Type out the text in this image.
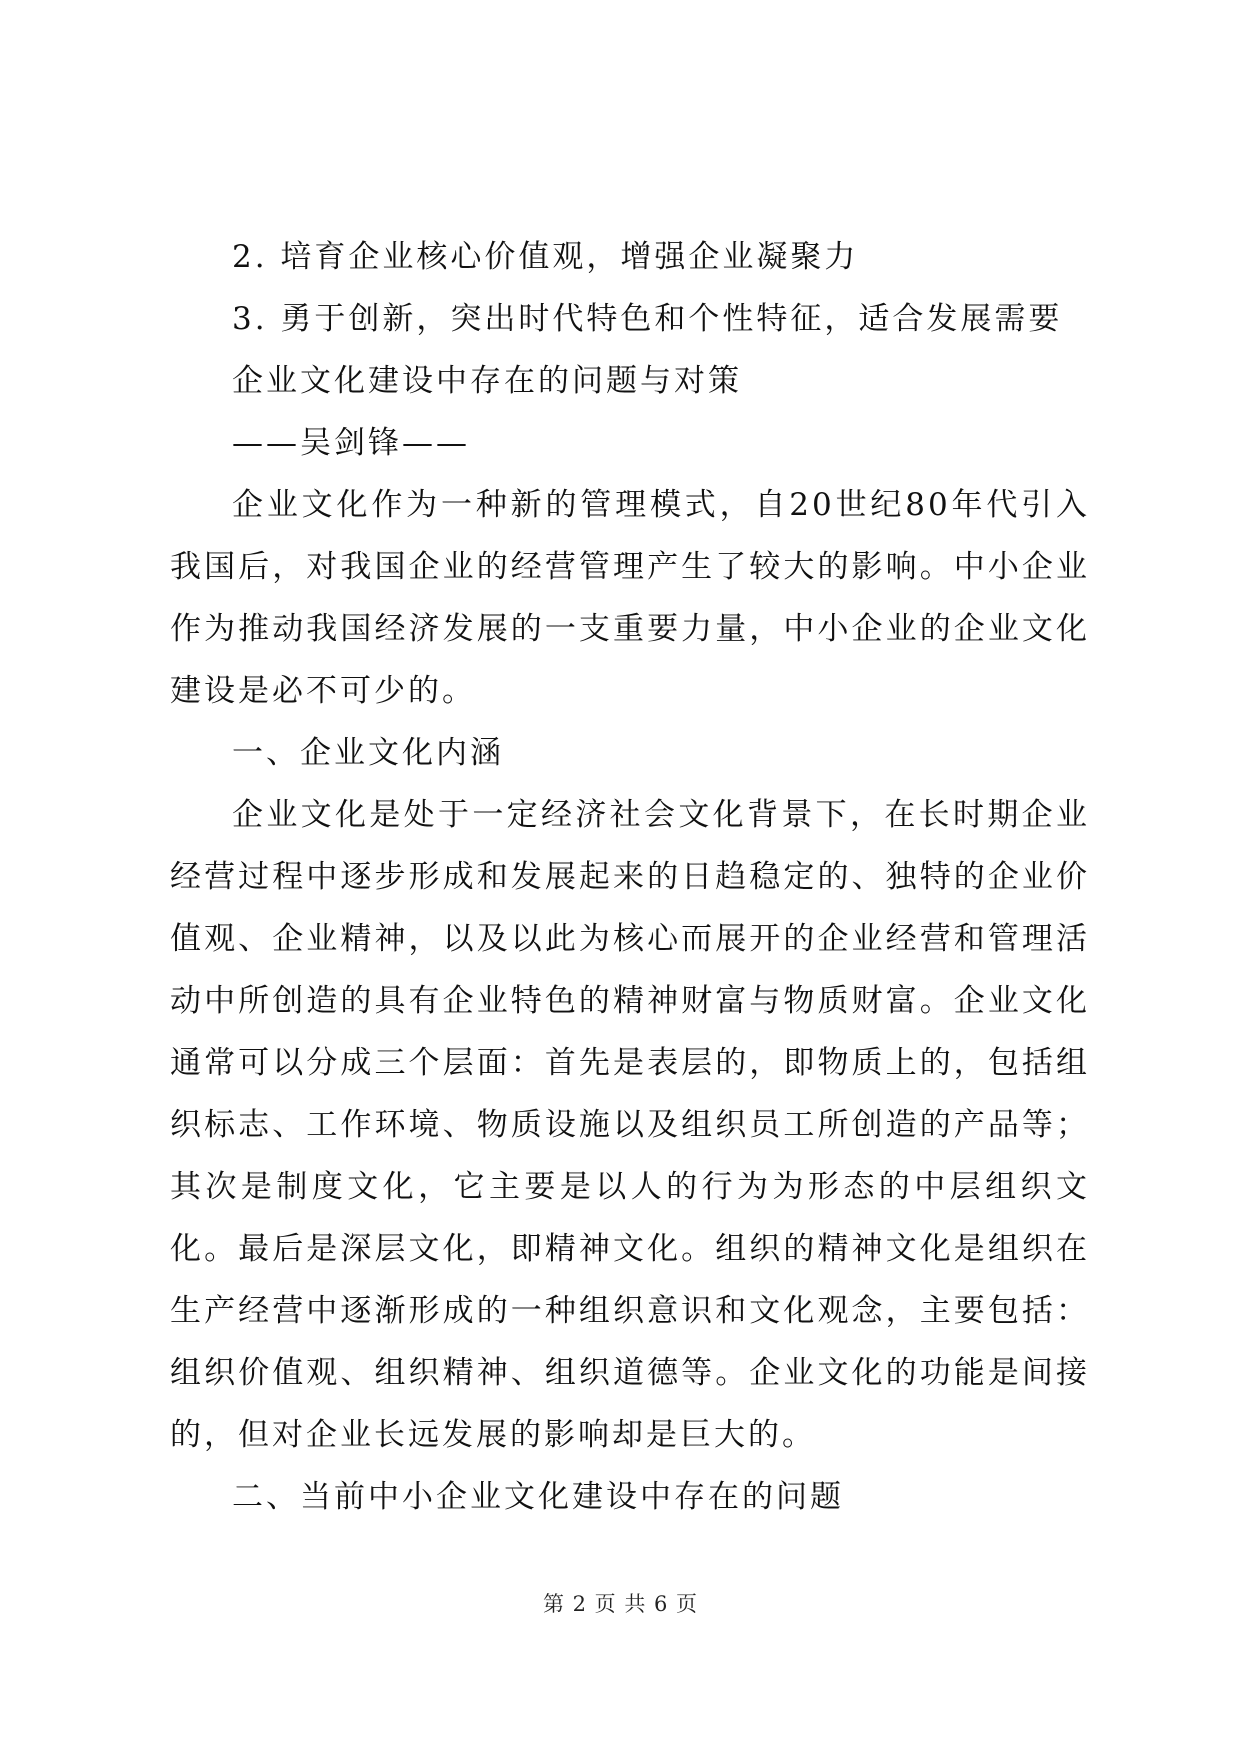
2. 培育企业核心价值观，增强企业凝聚力
3. 勇于创新，突出时代特色和个性特征，适合发展需要
企业文化建设中存在的问题与对策
——吴剑锋——

企业文化作为一种新的管理模式，自20世纪80年代引入我国后，对我国企业的经营管理产生了较大的影响。中小企业作为推动我国经济发展的一支重要力量，中小企业的企业文化建设是必不可少的。

一、企业文化内涵

企业文化是处于一定经济社会文化背景下，在长时期企业经营过程中逐步形成和发展起来的日趋稳定的、独特的企业价值观、企业精神，以及以此为核心而展开的企业经营和管理活动中所创造的具有企业特色的精神财富与物质财富。企业文化通常可以分成三个层面：首先是表层的，即物质上的，包括组织标志、工作环境、物质设施以及组织员工所创造的产品等；其次是制度文化，它主要是以人的行为为形态的中层组织文化。最后是深层文化，即精神文化。组织的精神文化是组织在生产经营中逐渐形成的一种组织意识和文化观念，主要包括：组织价值观、组织精神、组织道德等。企业文化的功能是间接的，但对企业长远发展的影响却是巨大的。

二、当前中小企业文化建设中存在的问题
第 2 页 共 6 页
